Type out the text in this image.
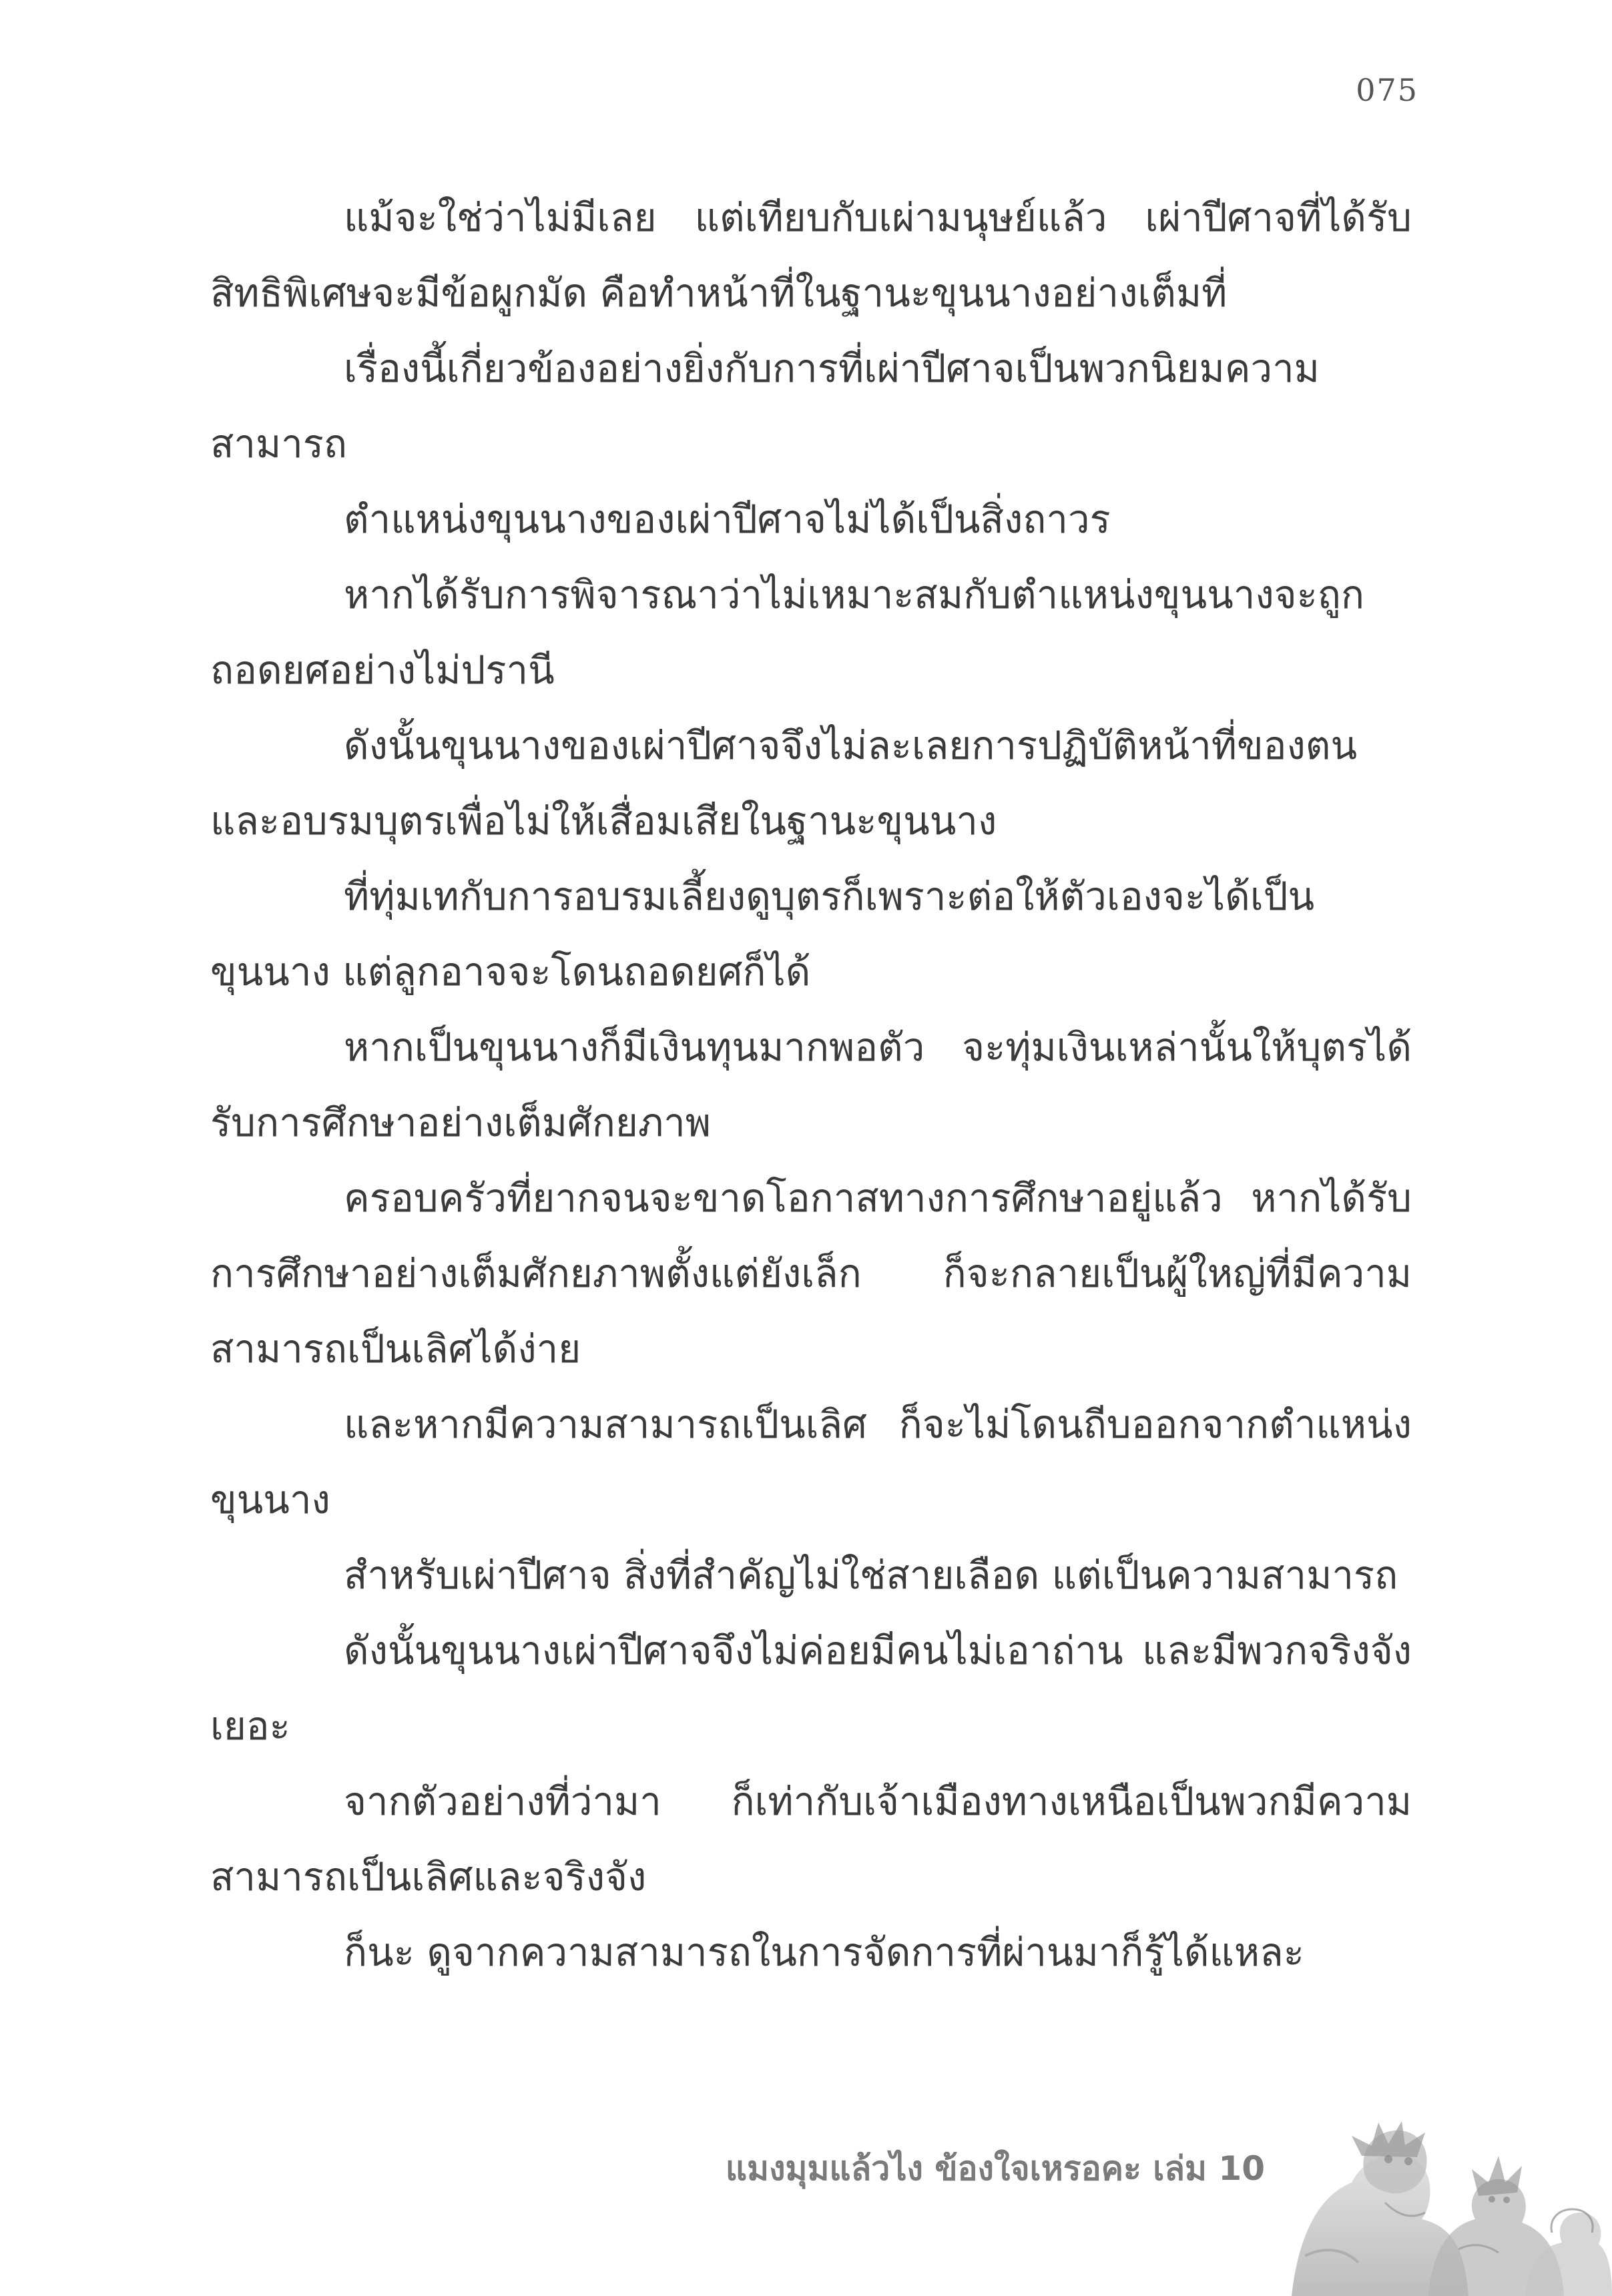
075

แม้จะใช่ว่าไม่มีเลย แต่เทียบกับเผ่ามนุษย์แล้ว เผ่าปีศาจที่ได้รับสิทธิพิเศษจะมีข้อผูกมัด คือทำหน้าที่ในฐานะขุนนางอย่างเต็มที่

เรื่องนี้เกี่ยวข้องอย่างยิ่งกับการที่เผ่าปีศาจเป็นพวกนิยมความสามารถ

ตำแหน่งขุนนางของเผ่าปีศาจไม่ได้เป็นสิ่งถาวร

หากได้รับการพิจารณาว่าไม่เหมาะสมกับตำแหน่งขุนนางจะถูกถอดยศอย่างไม่ปรานี

ดังนั้นขุนนางของเผ่าปีศาจจึงไม่ละเลยการปฏิบัติหน้าที่ของตนและอบรมบุตรเพื่อไม่ให้เสื่อมเสียในฐานะขุนนาง

ที่ทุ่มเทกับการอบรมเลี้ยงดูบุตรก็เพราะต่อให้ตัวเองจะได้เป็นขุนนาง แต่ลูกอาจจะโดนถอดยศก็ได้

หากเป็นขุนนางก็มีเงินทุนมากพอตัว จะทุ่มเงินเหล่านั้นให้บุตรได้รับการศึกษาอย่างเต็มศักยภาพ

ครอบครัวที่ยากจนจะขาดโอกาสทางการศึกษาอยู่แล้ว หากได้รับการศึกษาอย่างเต็มศักยภาพตั้งแต่ยังเล็ก ก็จะกลายเป็นผู้ใหญ่ที่มีความสามารถเป็นเลิศได้ง่าย

และหากมีความสามารถเป็นเลิศ ก็จะไม่โดนถีบออกจากตำแหน่งขุนนาง

สำหรับเผ่าปีศาจ สิ่งที่สำคัญไม่ใช่สายเลือด แต่เป็นความสามารถ

ดังนั้นขุนนางเผ่าปีศาจจึงไม่ค่อยมีคนไม่เอาถ่าน และมีพวกจริงจังเยอะ

จากตัวอย่างที่ว่ามา ก็เท่ากับเจ้าเมืองทางเหนือเป็นพวกมีความสามารถเป็นเลิศและจริงจัง

ก็นะ ดูจากความสามารถในการจัดการที่ผ่านมาก็รู้ได้แหละ

แมงมุมแล้วไง ข้องใจเหรอคะ เล่ม 10
